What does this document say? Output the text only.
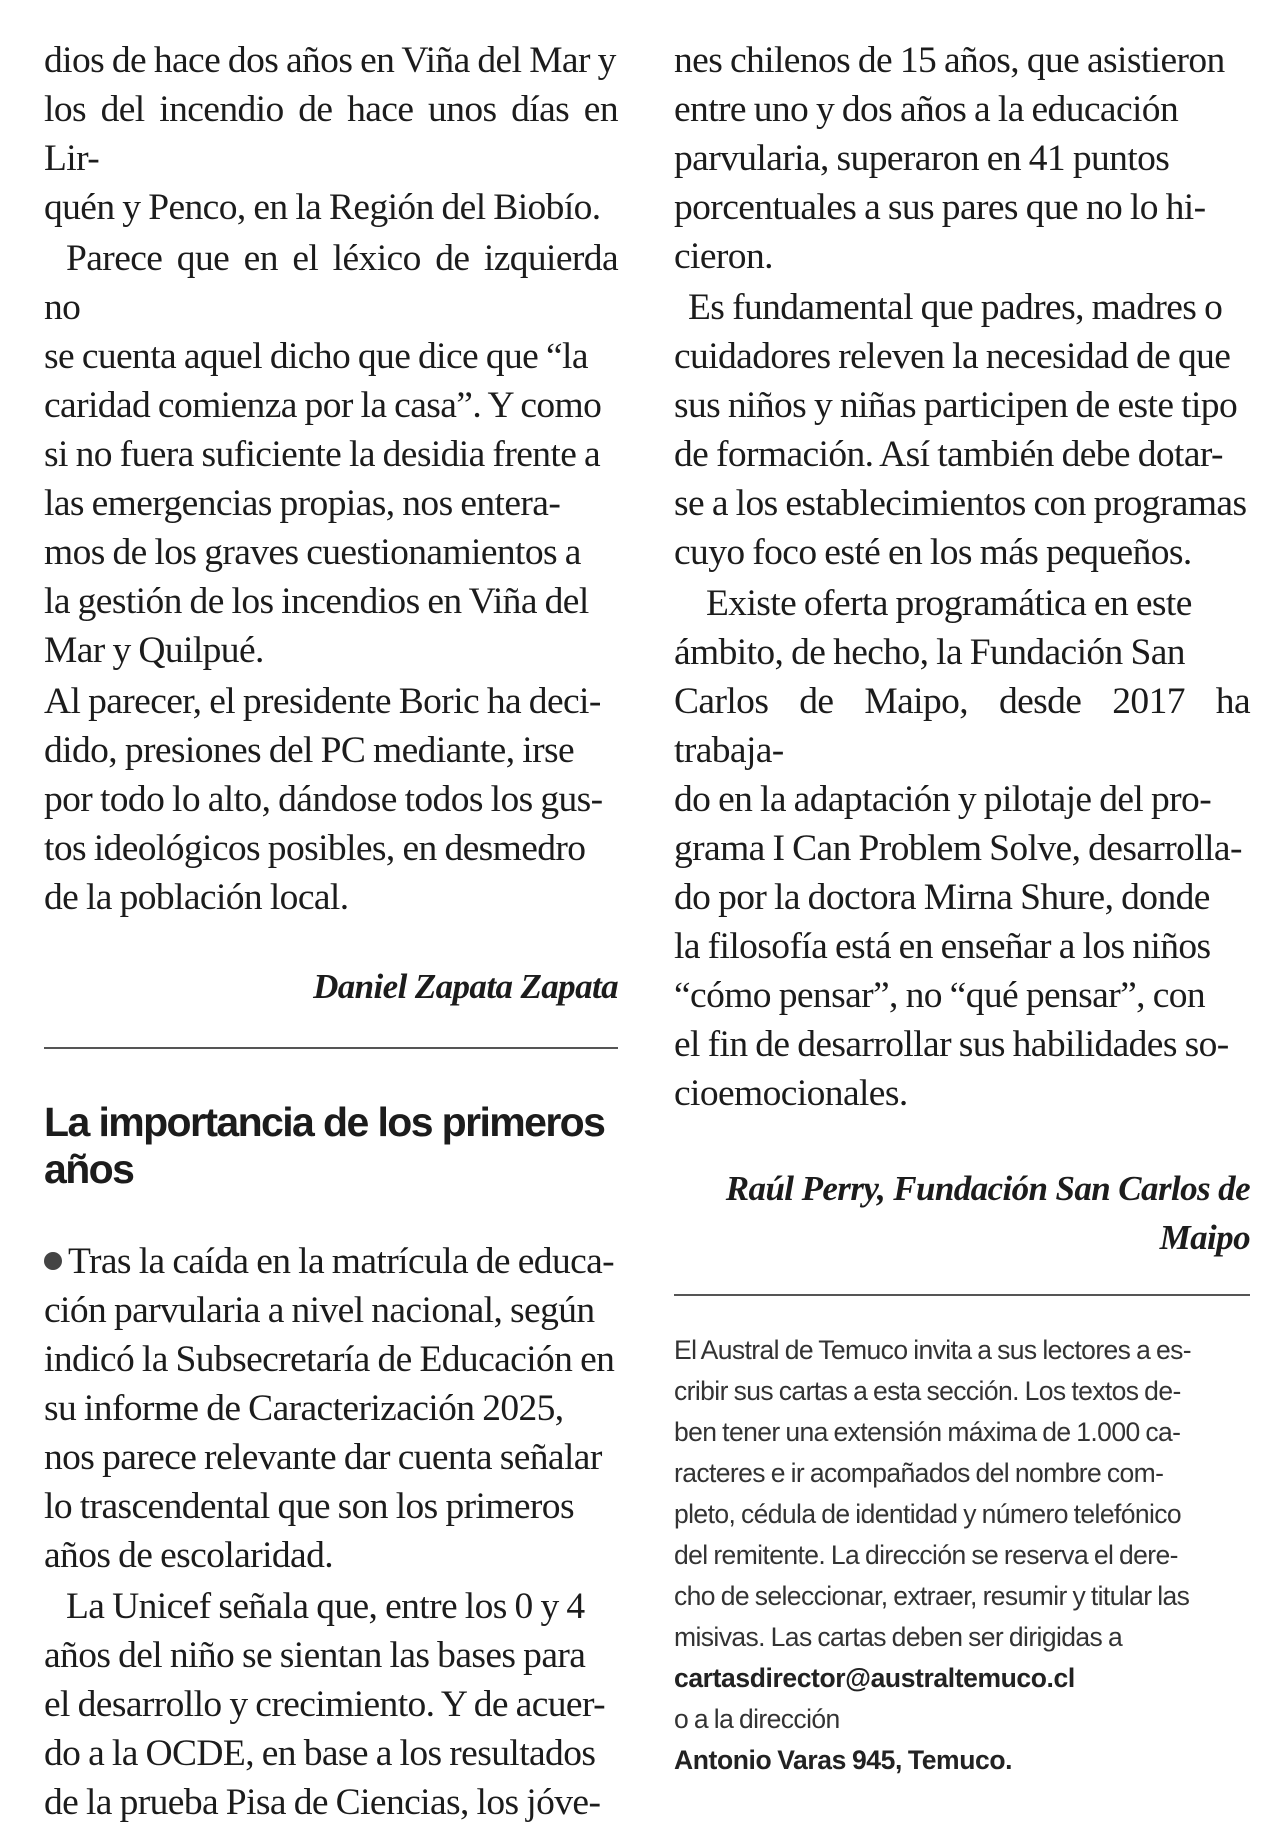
dios de hace dos años en Viña del Mar y
los del incendio de hace unos días en Lir-
quén y Penco, en la Región del Biobío.

Parece que en el léxico de izquierda no
se cuenta aquel dicho que dice que “la
caridad comienza por la casa”. Y como
si no fuera suficiente la desidia frente a
las emergencias propias, nos entera-
mos de los graves cuestionamientos a
la gestión de los incendios en Viña del
Mar y Quilpué.

Al parecer, el presidente Boric ha deci-
dido, presiones del PC mediante, irse
por todo lo alto, dándose todos los gus-
tos ideológicos posibles, en desmedro
de la población local.

Daniel Zapata Zapata

La importancia de los primeros
años

Tras la caída en la matrícula de educa-
ción parvularia a nivel nacional, según
indicó la Subsecretaría de Educación en
su informe de Caracterización 2025,
nos parece relevante dar cuenta señalar
lo trascendental que son los primeros
años de escolaridad.

La Unicef señala que, entre los 0 y 4
años del niño se sientan las bases para
el desarrollo y crecimiento. Y de acuer-
do a la OCDE, en base a los resultados
de la prueba Pisa de Ciencias, los jóve-

nes chilenos de 15 años, que asistieron
entre uno y dos años a la educación
parvularia, superaron en 41 puntos
porcentuales a sus pares que no lo hi-
cieron.

Es fundamental que padres, madres o
cuidadores releven la necesidad de que
sus niños y niñas participen de este tipo
de formación. Así también debe dotar-
se a los establecimientos con programas
cuyo foco esté en los más pequeños.

Existe oferta programática en este
ámbito, de hecho, la Fundación San
Carlos de Maipo, desde 2017 ha trabaja-
do en la adaptación y pilotaje del pro-
grama I Can Problem Solve, desarrolla-
do por la doctora Mirna Shure, donde
la filosofía está en enseñar a los niños
“cómo pensar”, no “qué pensar”, con
el fin de desarrollar sus habilidades so-
cioemocionales.

Raúl Perry, Fundación San Carlos de
Maipo

El Austral de Temuco invita a sus lectores a es-
cribir sus cartas a esta sección. Los textos de-
ben tener una extensión máxima de 1.000 ca-
racteres e ir acompañados del nombre com-
pleto, cédula de identidad y número telefónico
del remitente. La dirección se reserva el dere-
cho de seleccionar, extraer, resumir y titular las
misivas. Las cartas deben ser dirigidas a
cartasdirector@australtemuco.cl
o a la dirección
Antonio Varas 945, Temuco.
